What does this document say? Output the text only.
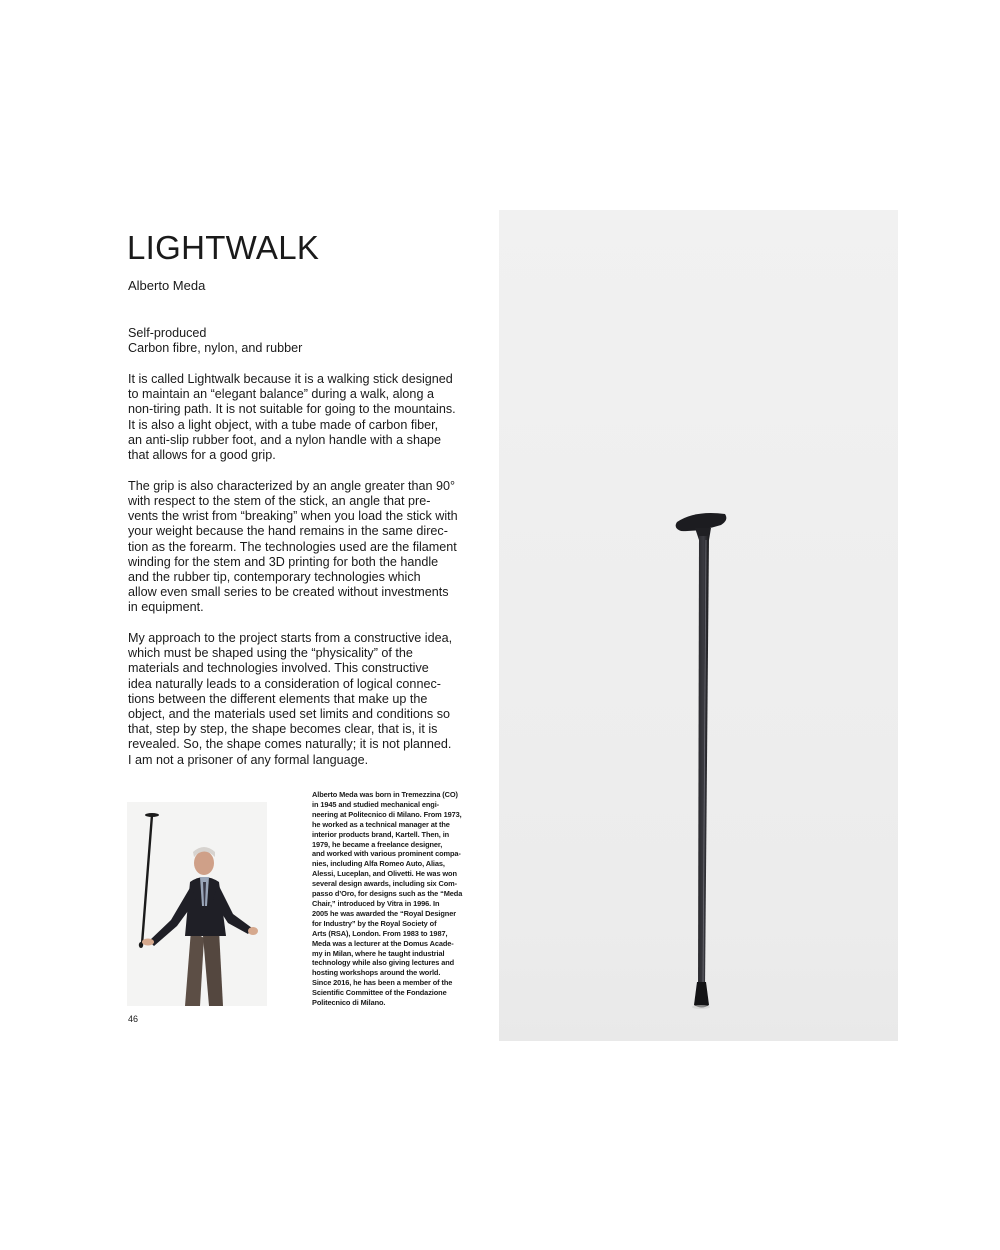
LIGHTWALK
Alberto Meda
Self-produced
Carbon fibre, nylon, and rubber
It is called Lightwalk because it is a walking stick designed
to maintain an “elegant balance” during a walk, along a
non-tiring path. It is not suitable for going to the mountains.
It is also a light object, with a tube made of carbon fiber,
an anti-slip rubber foot, and a nylon handle with a shape
that allows for a good grip.
The grip is also characterized by an angle greater than 90°
with respect to the stem of the stick, an angle that pre-
vents the wrist from “breaking” when you load the stick with
your weight because the hand remains in the same direc-
tion as the forearm. The technologies used are the filament
winding for the stem and 3D printing for both the handle
and the rubber tip, contemporary technologies which
allow even small series to be created without investments
in equipment.
My approach to the project starts from a constructive idea,
which must be shaped using the “physicality” of the
materials and technologies involved. This constructive
idea naturally leads to a consideration of logical connec-
tions between the different elements that make up the
object, and the materials used set limits and conditions so
that, step by step, the shape becomes clear, that is, it is
revealed. So, the shape comes naturally; it is not planned.
I am not a prisoner of any formal language.
Alberto Meda was born in Tremezzina (CO)
in 1945 and studied mechanical engi-
neering at Politecnico di Milano. From 1973,
he worked as a technical manager at the
interior products brand, Kartell. Then, in
1979, he became a freelance designer,
and worked with various prominent compa-
nies, including Alfa Romeo Auto, Alias,
Alessi, Luceplan, and Olivetti. He was won
several design awards, including six Com-
passo d’Oro, for designs such as the “Meda
Chair,” introduced by Vitra in 1996. In
2005 he was awarded the “Royal Designer
for Industry” by the Royal Society of
Arts (RSA), London. From 1983 to 1987,
Meda was a lecturer at the Domus Acade-
my in Milan, where he taught industrial
technology while also giving lectures and
hosting workshops around the world.
Since 2016, he has been a member of the
Scientific Committee of the Fondazione
Politecnico di Milano.
46
